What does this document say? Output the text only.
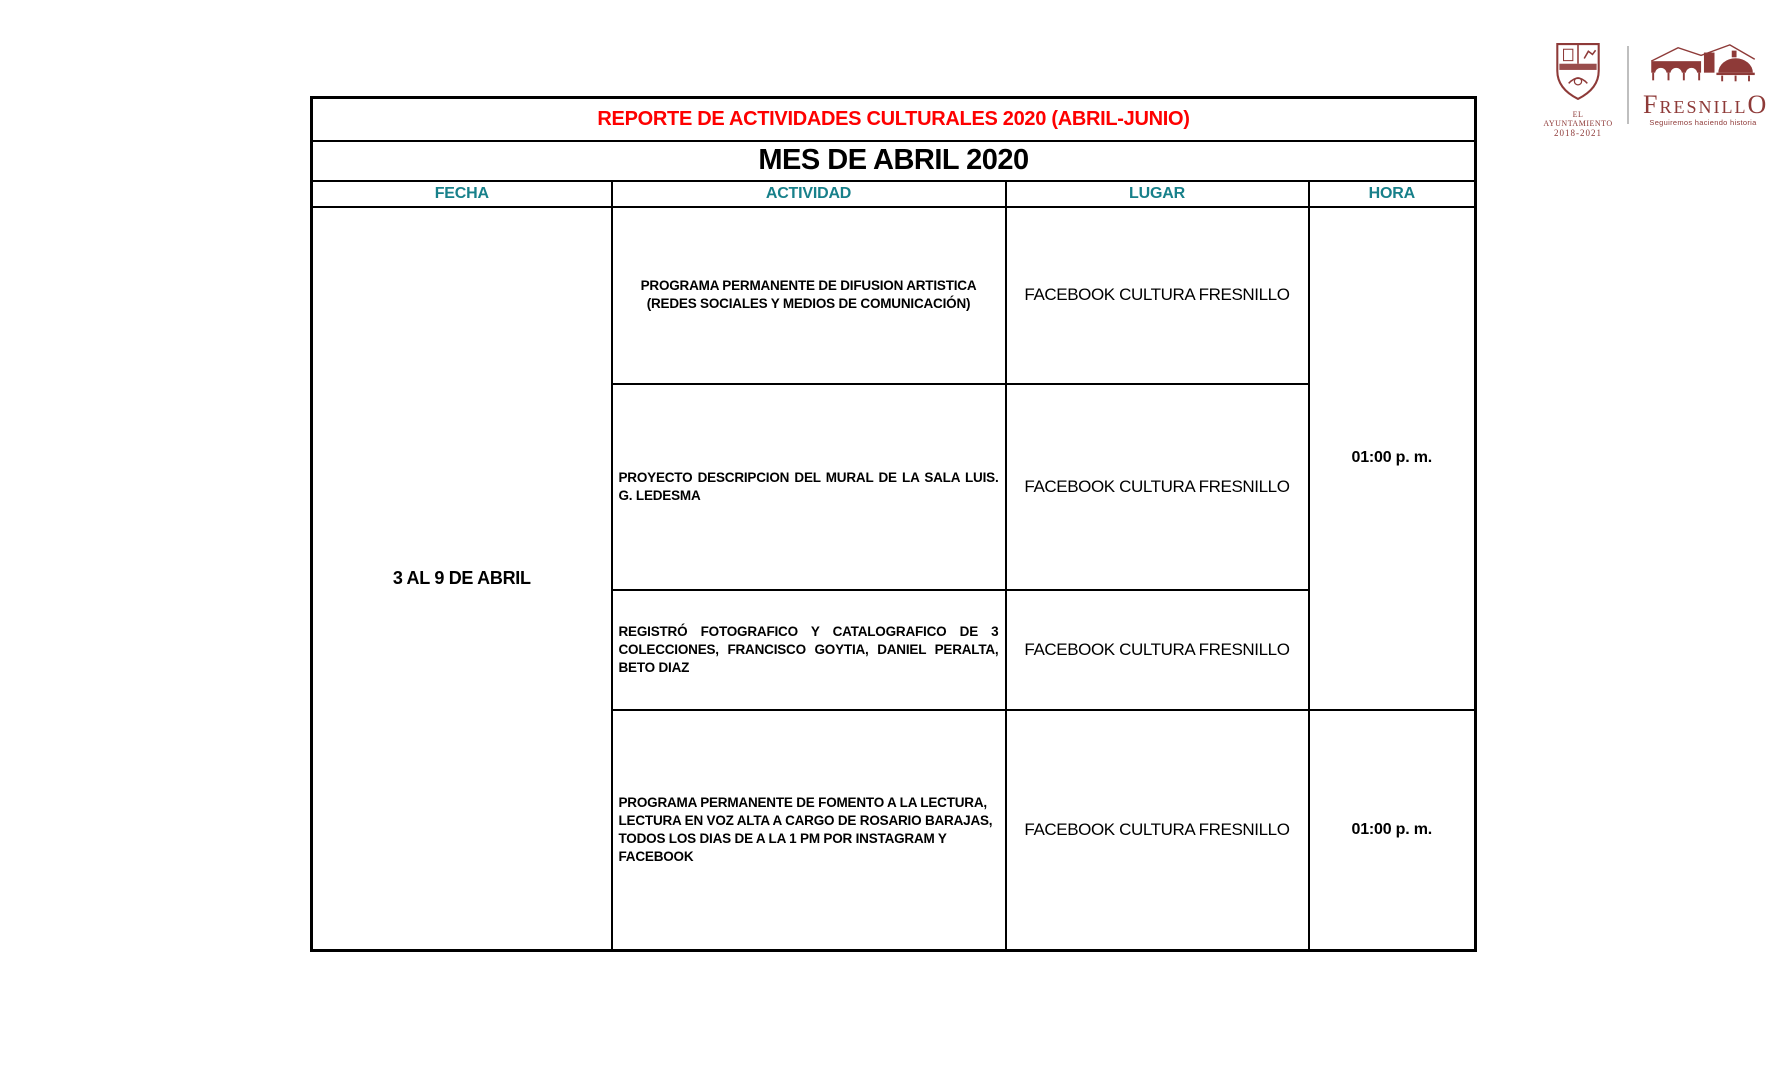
EL AYUNTAMIENTO
2018-2021
FresnillO
Seguiremos haciendo historia
REPORTE DE ACTIVIDADES CULTURALES 2020 (ABRIL-JUNIO)			
MES DE ABRIL 2020			
FECHA	ACTIVIDAD	LUGAR	HORA
3 AL 9 DE ABRIL	PROGRAMA PERMANENTE DE DIFUSION ARTISTICA (REDES SOCIALES Y MEDIOS DE COMUNICACIÓN)	FACEBOOK CULTURA FRESNILLO	01:00 p. m.
	PROYECTO DESCRIPCION DEL MURAL DE LA SALA LUIS. G. LEDESMA	FACEBOOK CULTURA FRESNILLO	
	REGISTRÓ FOTOGRAFICO Y CATALOGRAFICO DE 3 COLECCIONES, FRANCISCO GOYTIA, DANIEL PERALTA, BETO DIAZ	FACEBOOK CULTURA FRESNILLO	
	PROGRAMA PERMANENTE DE FOMENTO A LA LECTURA, LECTURA EN VOZ ALTA A CARGO DE ROSARIO BARAJAS, TODOS LOS DIAS DE A LA 1 PM POR INSTAGRAM Y FACEBOOK	FACEBOOK CULTURA FRESNILLO	01:00 p. m.
